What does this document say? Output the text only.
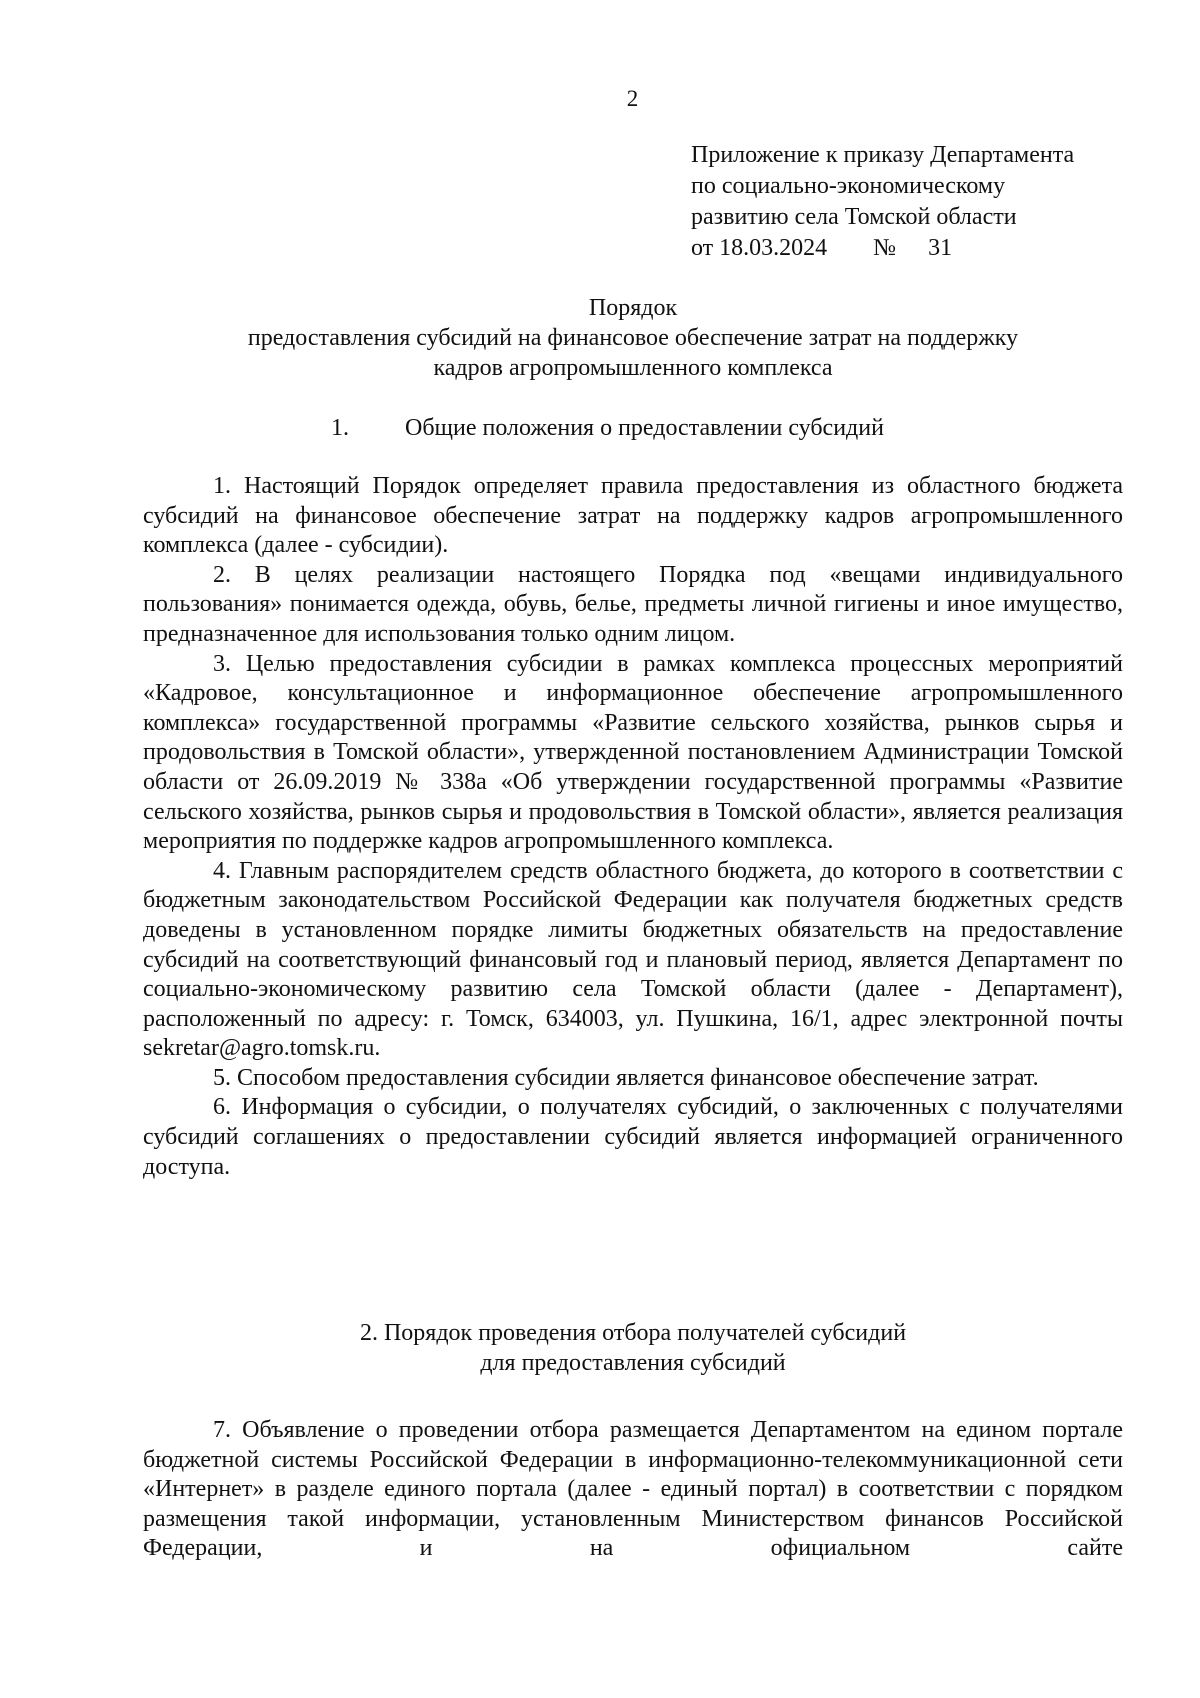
2
Приложение к приказу Департамента
по социально-экономическому
развитию села Томской области
от 18.03.2024 № 31
Порядок
предоставления субсидий на финансовое обеспечение затрат на поддержку
кадров агропромышленного комплекса
1. Общие положения о предоставлении субсидий

1. Настоящий Порядок определяет правила предоставления из областного бюджета субсидий на финансовое обеспечение затрат на поддержку кадров агропромышленного комплекса (далее - субсидии).

2. В целях реализации настоящего Порядка под «вещами индивидуального пользования» понимается одежда, обувь, белье, предметы личной гигиены и иное имущество, предназначенное для использования только одним лицом.

3. Целью предоставления субсидии в рамках комплекса процессных мероприятий «Кадровое, консультационное и информационное обеспечение агропромышленного комплекса» государственной программы «Развитие сельского хозяйства, рынков сырья и продовольствия в Томской области», утвержденной постановлением Администрации Томской области от 26.09.2019 № 338а «Об утверждении государственной программы «Развитие сельского хозяйства, рынков сырья и продовольствия в Томской области», является реализация мероприятия по поддержке кадров агропромышленного комплекса.

4. Главным распорядителем средств областного бюджета, до которого в соответствии с бюджетным законодательством Российской Федерации как получателя бюджетных средств доведены в установленном порядке лимиты бюджетных обязательств на предоставление субсидий на соответствующий финансовый год и плановый период, является Департамент по социально-экономическому развитию села Томской области (далее - Департамент), расположенный по адресу: г. Томск, 634003, ул. Пушкина, 16/1, адрес электронной почты sekretar@agro.tomsk.ru.

5. Способом предоставления субсидии является финансовое обеспечение затрат.

6. Информация о субсидии, о получателях субсидий, о заключенных с получателями субсидий соглашениях о предоставлении субсидий является информацией ограниченного доступа.

2. Порядок проведения отбора получателей субсидий
для предоставления субсидий

7. Объявление о проведении отбора размещается Департаментом на едином портале бюджетной системы Российской Федерации в информационно-телекоммуникационной сети «Интернет» в разделе единого портала (далее - единый портал) в соответствии с порядком размещения такой информации, установленным Министерством финансов Российской Федерации, и на официальном сайте
